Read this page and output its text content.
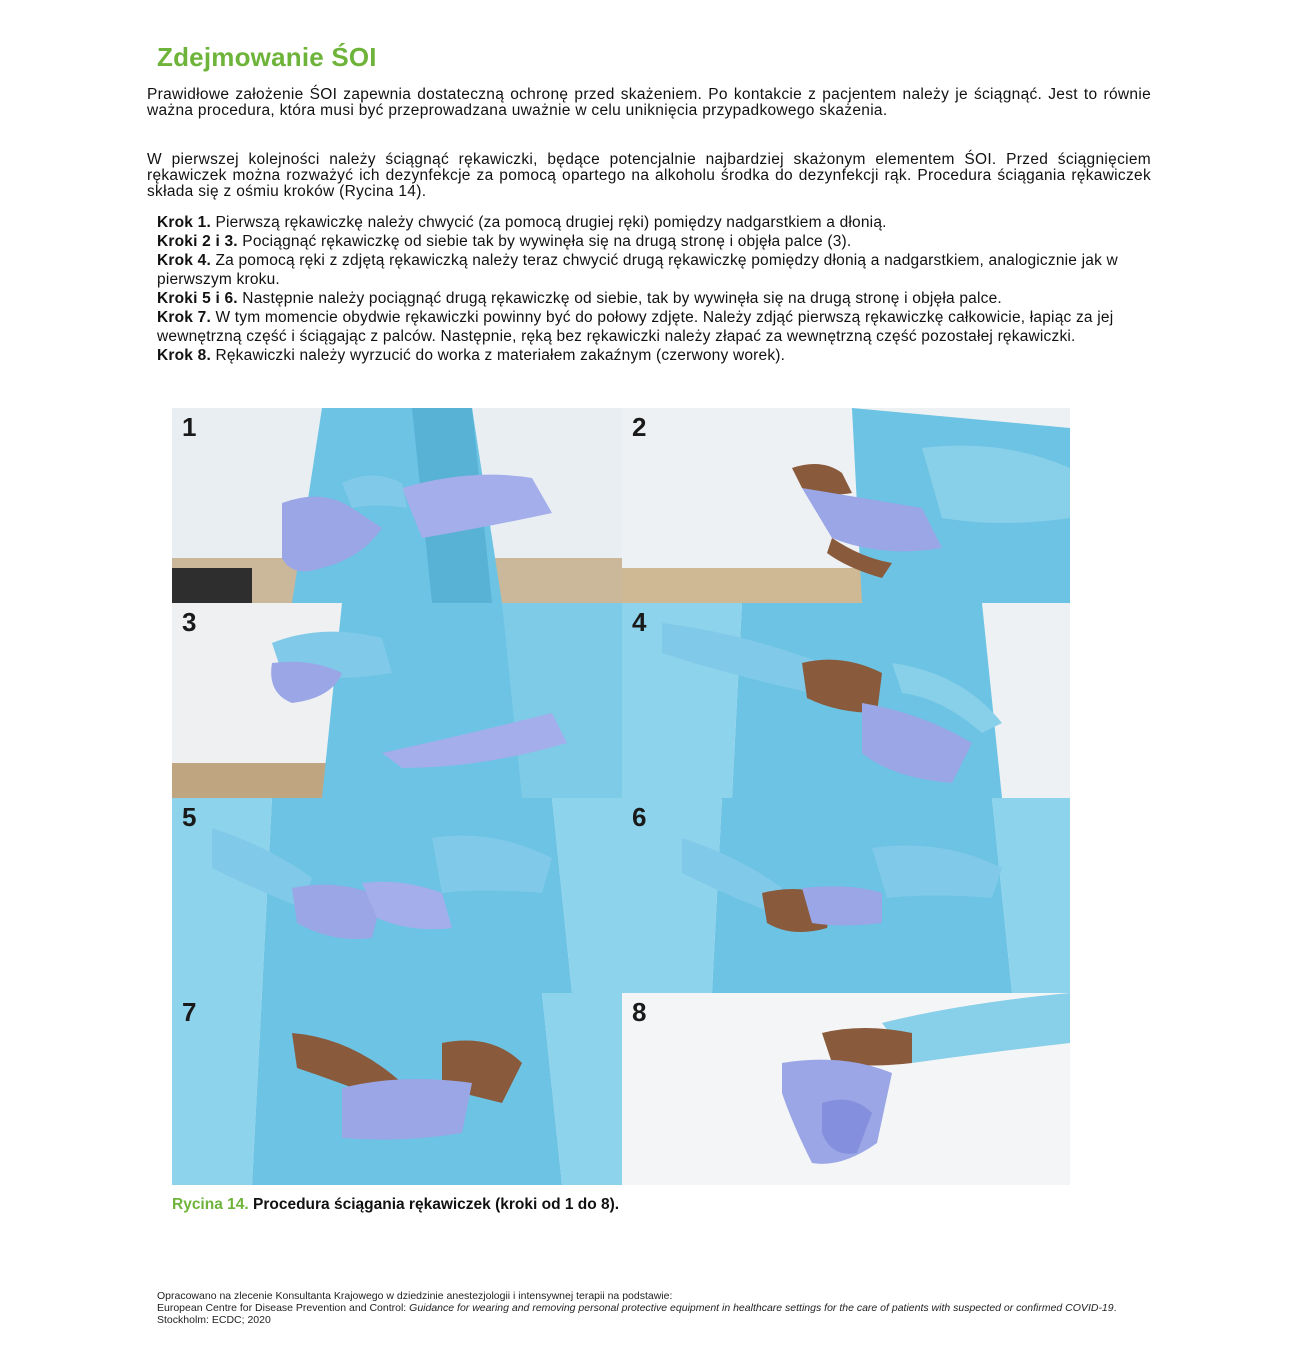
Zdejmowanie ŚOI
Prawidłowe założenie ŚOI zapewnia dostateczną ochronę przed skażeniem. Po kontakcie z pacjentem należy je ściągnąć. Jest to równie ważna procedura, która musi być przeprowadzana uważnie w celu uniknięcia przypadkowego skażenia.
W pierwszej kolejności należy ściągnąć rękawiczki, będące potencjalnie najbardziej skażonym elementem ŚOI. Przed ściągnięciem rękawiczek można rozważyć ich dezynfekcje za pomocą opartego na alkoholu środka do dezynfekcji rąk. Procedura ściągania rękawiczek składa się z ośmiu kroków (Rycina 14).

Krok 1. Pierwszą rękawiczkę należy chwycić (za pomocą drugiej ręki) pomiędzy nadgarstkiem a dłonią.

Kroki 2 i 3. Pociągnąć rękawiczkę od siebie tak by wywinęła się na drugą stronę i objęła palce (3).

Krok 4. Za pomocą ręki z zdjętą rękawiczką należy teraz chwycić drugą rękawiczkę pomiędzy dłonią a nadgarstkiem, analogicznie jak w pierwszym kroku.

Kroki 5 i 6. Następnie należy pociągnąć drugą rękawiczkę od siebie, tak by wywinęła się na drugą stronę i objęła palce.

Krok 7. W tym momencie obydwie rękawiczki powinny być do połowy zdjęte. Należy zdjąć pierwszą rękawiczkę całkowicie, łapiąc za jej wewnętrzną część i ściągając z palców. Następnie, ręką bez rękawiczki należy złapać za wewnętrzną część pozostałej rękawiczki.

Krok 8. Rękawiczki należy wyrzucić do worka z materiałem zakaźnym (czerwony worek).

1	2
3	4
5	6
7	8
Rycina 14. Procedura ściągania rękawiczek (kroki od 1 do 8).
Opracowano na zlecenie Konsultanta Krajowego w dziedzinie anestezjologii i intensywnej terapii na podstawie:
European Centre for Disease Prevention and Control: Guidance for wearing and removing personal protective equipment in healthcare settings for the care of patients with suspected or confirmed COVID-19. Stockholm: ECDC; 2020
